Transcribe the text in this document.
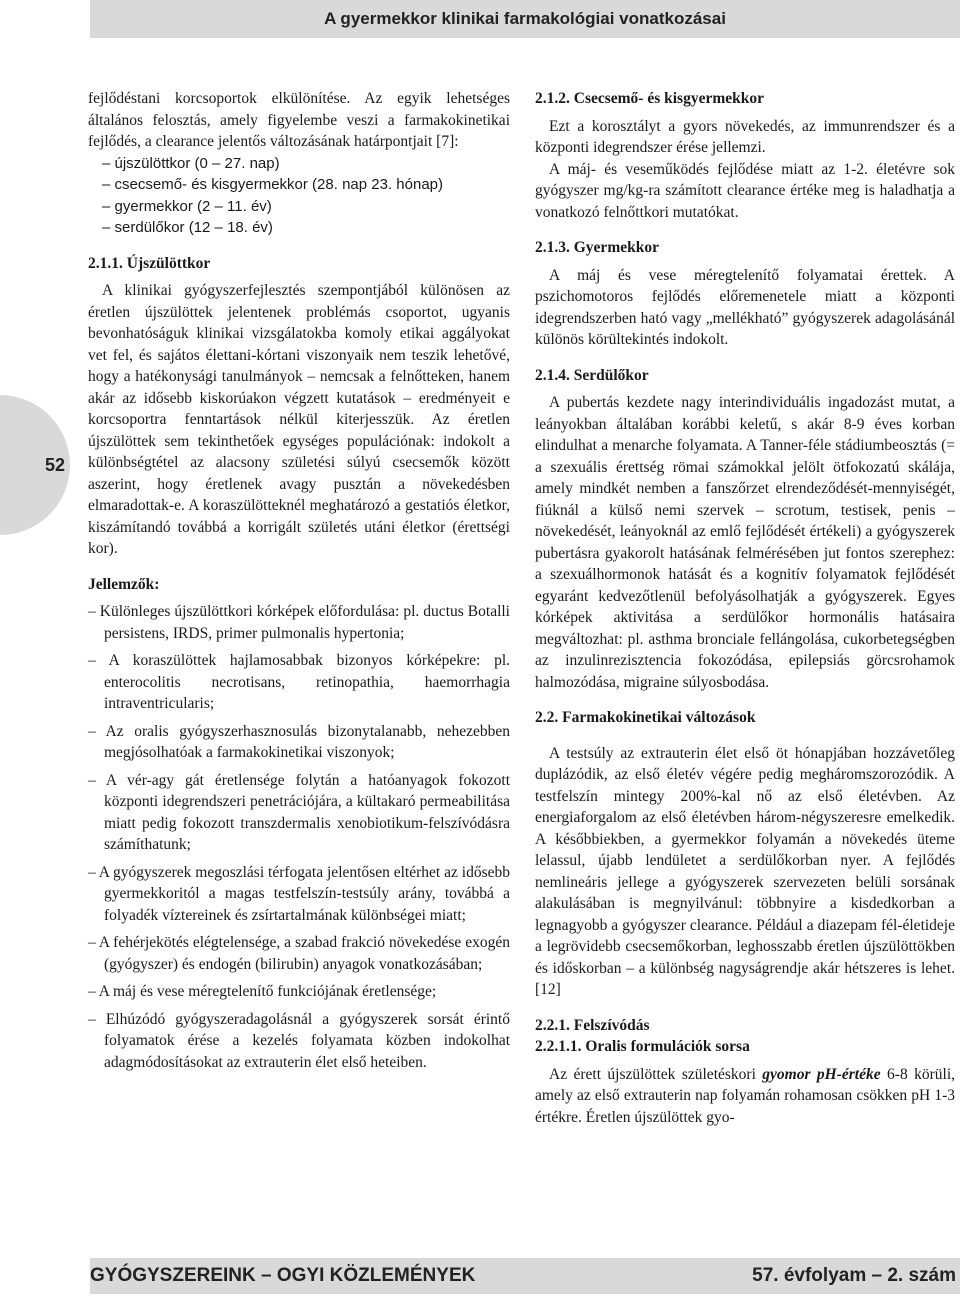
A gyermekkor klinikai farmakológiai vonatkozásai
52

fejlődéstani korcsoportok elkülönítése. Az egyik lehetséges általános felosztás, amely figyelembe veszi a farmakokinetikai fejlődés, a clearance jelentős változásának határpontjait [7]:

– újszülöttkor (0 – 27. nap)
– csecsemő- és kisgyermekkor (28. nap 23. hónap)
– gyermekkor (2 – 11. év)
– serdülőkor (12 – 18. év)
2.1.1. Újszülöttkor

A klinikai gyógyszerfejlesztés szempontjából különösen az éretlen újszülöttek jelentenek problémás csoportot, ugyanis bevonhatóságuk klinikai vizsgálatokba komoly etikai aggályokat vet fel, és sajátos élettani-kórtani viszonyaik nem teszik lehetővé, hogy a hatékonysági tanulmányok – nemcsak a felnőtteken, hanem akár az idősebb kiskorúakon végzett kutatások – eredményeit e korcsoportra fenntartások nélkül kiterjesszük. Az éretlen újszülöttek sem tekinthetőek egységes populációnak: indokolt a különbségtétel az alacsony születési súlyú csecsemők között aszerint, hogy éretlenek avagy pusztán a növekedésben elmaradottak-e. A koraszülötteknél meghatározó a gestatiós életkor, kiszámítandó továbbá a korrigált születés utáni életkor (érettségi kor).

Jellemzők:

– Különleges újszülöttkori kórképek előfordulása: pl. ductus Botalli persistens, IRDS, primer pulmonalis hypertonia;

– A koraszülöttek hajlamosabbak bizonyos kórképekre: pl. enterocolitis necrotisans, retinopathia, haemorrhagia intraventricularis;

– Az oralis gyógyszerhasznosulás bizonytalanabb, nehezebben megjósolhatóak a farmakokinetikai viszonyok;

– A vér-agy gát éretlensége folytán a hatóanyagok fokozott központi idegrendszeri penetrációjára, a kültakaró permeabilitása miatt pedig fokozott transzdermalis xenobiotikum-felszívódásra számíthatunk;

– A gyógyszerek megoszlási térfogata jelentősen eltérhet az idősebb gyermekkoritól a magas testfelszín-testsúly arány, továbbá a folyadék víztereinek és zsírtartalmának különbségei miatt;

– A fehérjekötés elégtelensége, a szabad frakció növekedése exogén (gyógyszer) és endogén (bilirubin) anyagok vonatkozásában;

– A máj és vese méregtelenítő funkciójának éretlensége;

– Elhúzódó gyógyszeradagolásnál a gyógyszerek sorsát érintő folyamatok érése a kezelés folyamata közben indokolhat adagmódosításokat az extrauterin élet első heteiben.

2.1.2. Csecsemő- és kisgyermekkor

Ezt a korosztályt a gyors növekedés, az immunrendszer és a központi idegrendszer érése jellemzi.

A máj- és veseműködés fejlődése miatt az 1-2. életévre sok gyógyszer mg/kg-ra számított clearance értéke meg is haladhatja a vonatkozó felnőttkori mutatókat.

2.1.3. Gyermekkor

A máj és vese méregtelenítő folyamatai érettek. A pszichomotoros fejlődés előremenetele miatt a központi idegrendszerben ható vagy „mellékható” gyógyszerek adagolásánál különös körültekintés indokolt.

2.1.4. Serdülőkor

A pubertás kezdete nagy interindividuális ingadozást mutat, a leányokban általában korábbi keletű, s akár 8-9 éves korban elindulhat a menarche folyamata. A Tanner-féle stádiumbeosztás (= a szexuális érettség römai számokkal jelölt ötfokozatú skálája, amely mindkét nemben a fanszőrzet elrendeződését-mennyiségét, fiúknál a külső nemi szervek – scrotum, testisek, penis – növekedését, leányoknál az emlő fejlődését értékeli) a gyógyszerek pubertásra gyakorolt hatásának felmérésében jut fontos szerephez: a szexuálhormonok hatását és a kognitív folyamatok fejlődését egyaránt kedvezőtlenül befolyásolhatják a gyógyszerek. Egyes kórképek aktivitása a serdülőkor hormonális hatásaira megváltozhat: pl. asthma bronciale fellángolása, cukorbetegségben az inzulinrezisztencia fokozódása, epilepsiás görcsrohamok halmozódása, migraine súlyosbodása.

2.2. Farmakokinetikai változások

A testsúly az extrauterin élet első öt hónapjában hozzávetőleg duplázódik, az első életév végére pedig megháromszorozódik. A testfelszín mintegy 200%-kal nő az első életévben. Az energiaforgalom az első életévben három-négyszeresre emelkedik. A későbbiekben, a gyermekkor folyamán a növekedés üteme lelassul, újabb lendületet a serdülőkorban nyer. A fejlődés nemlineáris jellege a gyógyszerek szervezeten belüli sorsának alakulásában is megnyilvánul: többnyire a kisdedkorban a legnagyobb a gyógyszer clearance. Például a diazepam fél-életideje a legrövidebb csecsemőkorban, leghosszabb éretlen újszülöttökben és időskorban – a különbség nagyságrendje akár hétszeres is lehet. [12]

2.2.1. Felszívódás
2.2.1.1. Oralis formulációk sorsa

Az érett újszülöttek születéskori gyomor pH-értéke 6-8 körüli, amely az első extrauterin nap folyamán rohamosan csökken pH 1-3 értékre. Éretlen újszülöttek gyo-

GYÓGYSZEREINK – OGYI KÖZLEMÉNYEK	57. évfolyam – 2. szám
